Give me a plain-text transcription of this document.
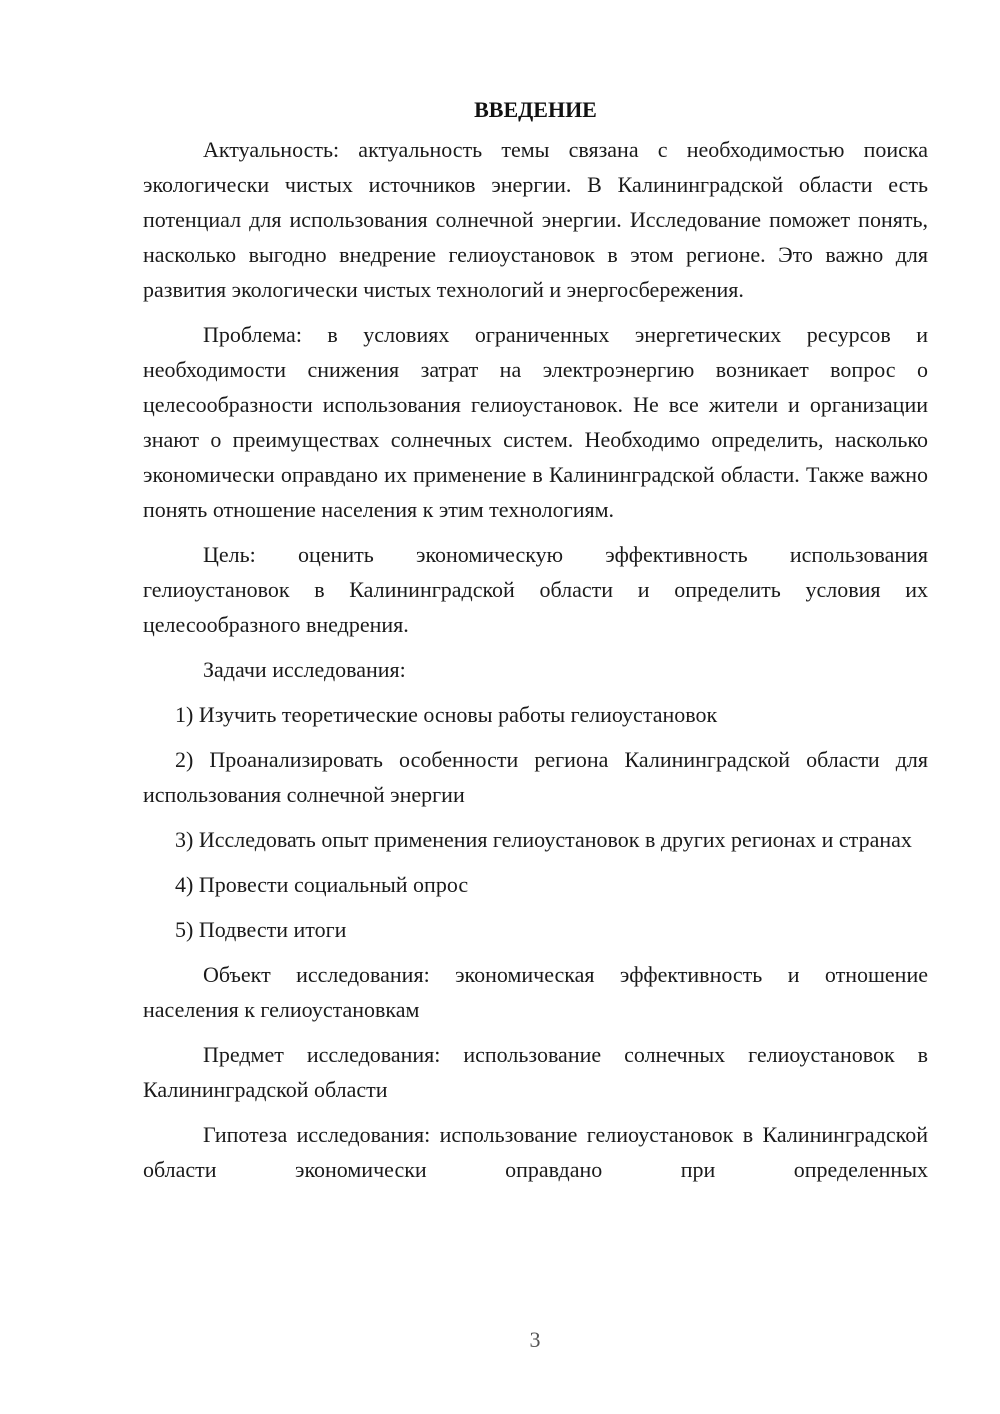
ВВЕДЕНИЕ

Актуальность: актуальность темы связана с необходимостью поиска экологически чистых источников энергии. В Калининградской области есть потенциал для использования солнечной энергии. Исследование поможет понять, насколько выгодно внедрение гелиоустановок в этом регионе. Это важно для развития экологически чистых технологий и энергосбережения.

Проблема: в условиях ограниченных энергетических ресурсов и необходимости снижения затрат на электроэнергию возникает вопрос о целесообразности использования гелиоустановок. Не все жители и организации знают о преимуществах солнечных систем. Необходимо определить, насколько экономически оправдано их применение в Калининградской области. Также важно понять отношение населения к этим технологиям.

Цель: оценить экономическую эффективность использования гелиоустановок в Калининградской области и определить условия их целесообразного внедрения.

Задачи исследования:

1) Изучить теоретические основы работы гелиоустановок

2) Проанализировать особенности региона Калининградской области для использования солнечной энергии

3) Исследовать опыт применения гелиоустановок в других регионах и странах

4) Провести социальный опрос

5) Подвести итоги

Объект исследования: экономическая эффективность и отношение населения к гелиоустановкам

Предмет исследования: использование солнечных гелиоустановок в Калининградской области

Гипотеза исследования: использование гелиоустановок в Калининградской области экономически оправдано при определенных

3
